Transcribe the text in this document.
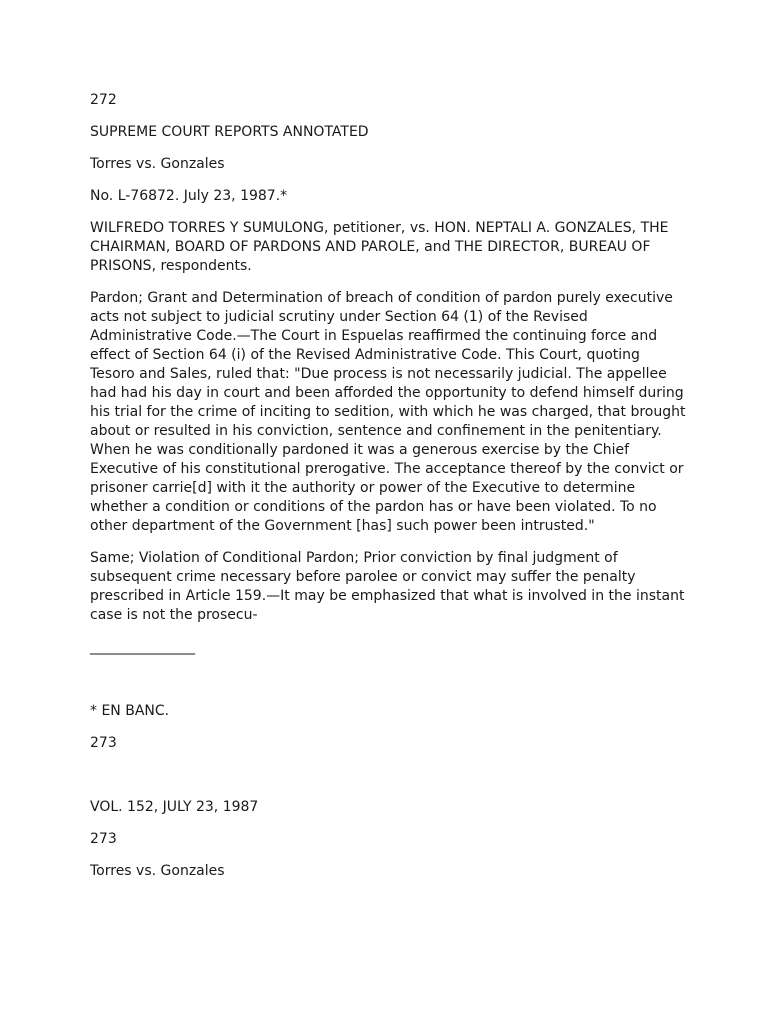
272

SUPREME COURT REPORTS ANNOTATED

Torres vs. Gonzales

No. L-76872. July 23, 1987.*

WILFREDO TORRES Y SUMULONG, petitioner, vs. HON. NEPTALI A. GONZALES, THE CHAIRMAN, BOARD OF PARDONS AND PAROLE, and THE DIRECTOR, BUREAU OF PRISONS, respondents.

Pardon; Grant and Determination of breach of condition of pardon purely executive acts not subject to judicial scrutiny under Section 64 (1) of the Revised Administrative Code.—The Court in Espuelas reaffirmed the continuing force and effect of Section 64 (i) of the Revised Administrative Code. This Court, quoting Tesoro and Sales, ruled that: "Due process is not necessarily judicial. The appellee had had his day in court and been afforded the opportunity to defend himself during his trial for the crime of inciting to sedition, with which he was charged, that brought about or resulted in his conviction, sentence and confinement in the penitentiary. When he was conditionally pardoned it was a generous exercise by the Chief Executive of his constitutional prerogative. The acceptance thereof by the convict or prisoner carrie[d] with it the authority or power of the Executive to determine whether a condition or conditions of the pardon has or have been violated. To no other department of the Government [has] such power been intrusted."

Same; Violation of Conditional Pardon; Prior conviction by final judgment of subsequent crime necessary before parolee or convict may suffer the penalty prescribed in Article 159.—It may be emphasized that what is involved in the instant case is not the prosecu-

_______________

* EN BANC.

273

VOL. 152, JULY 23, 1987

273

Torres vs. Gonzales
